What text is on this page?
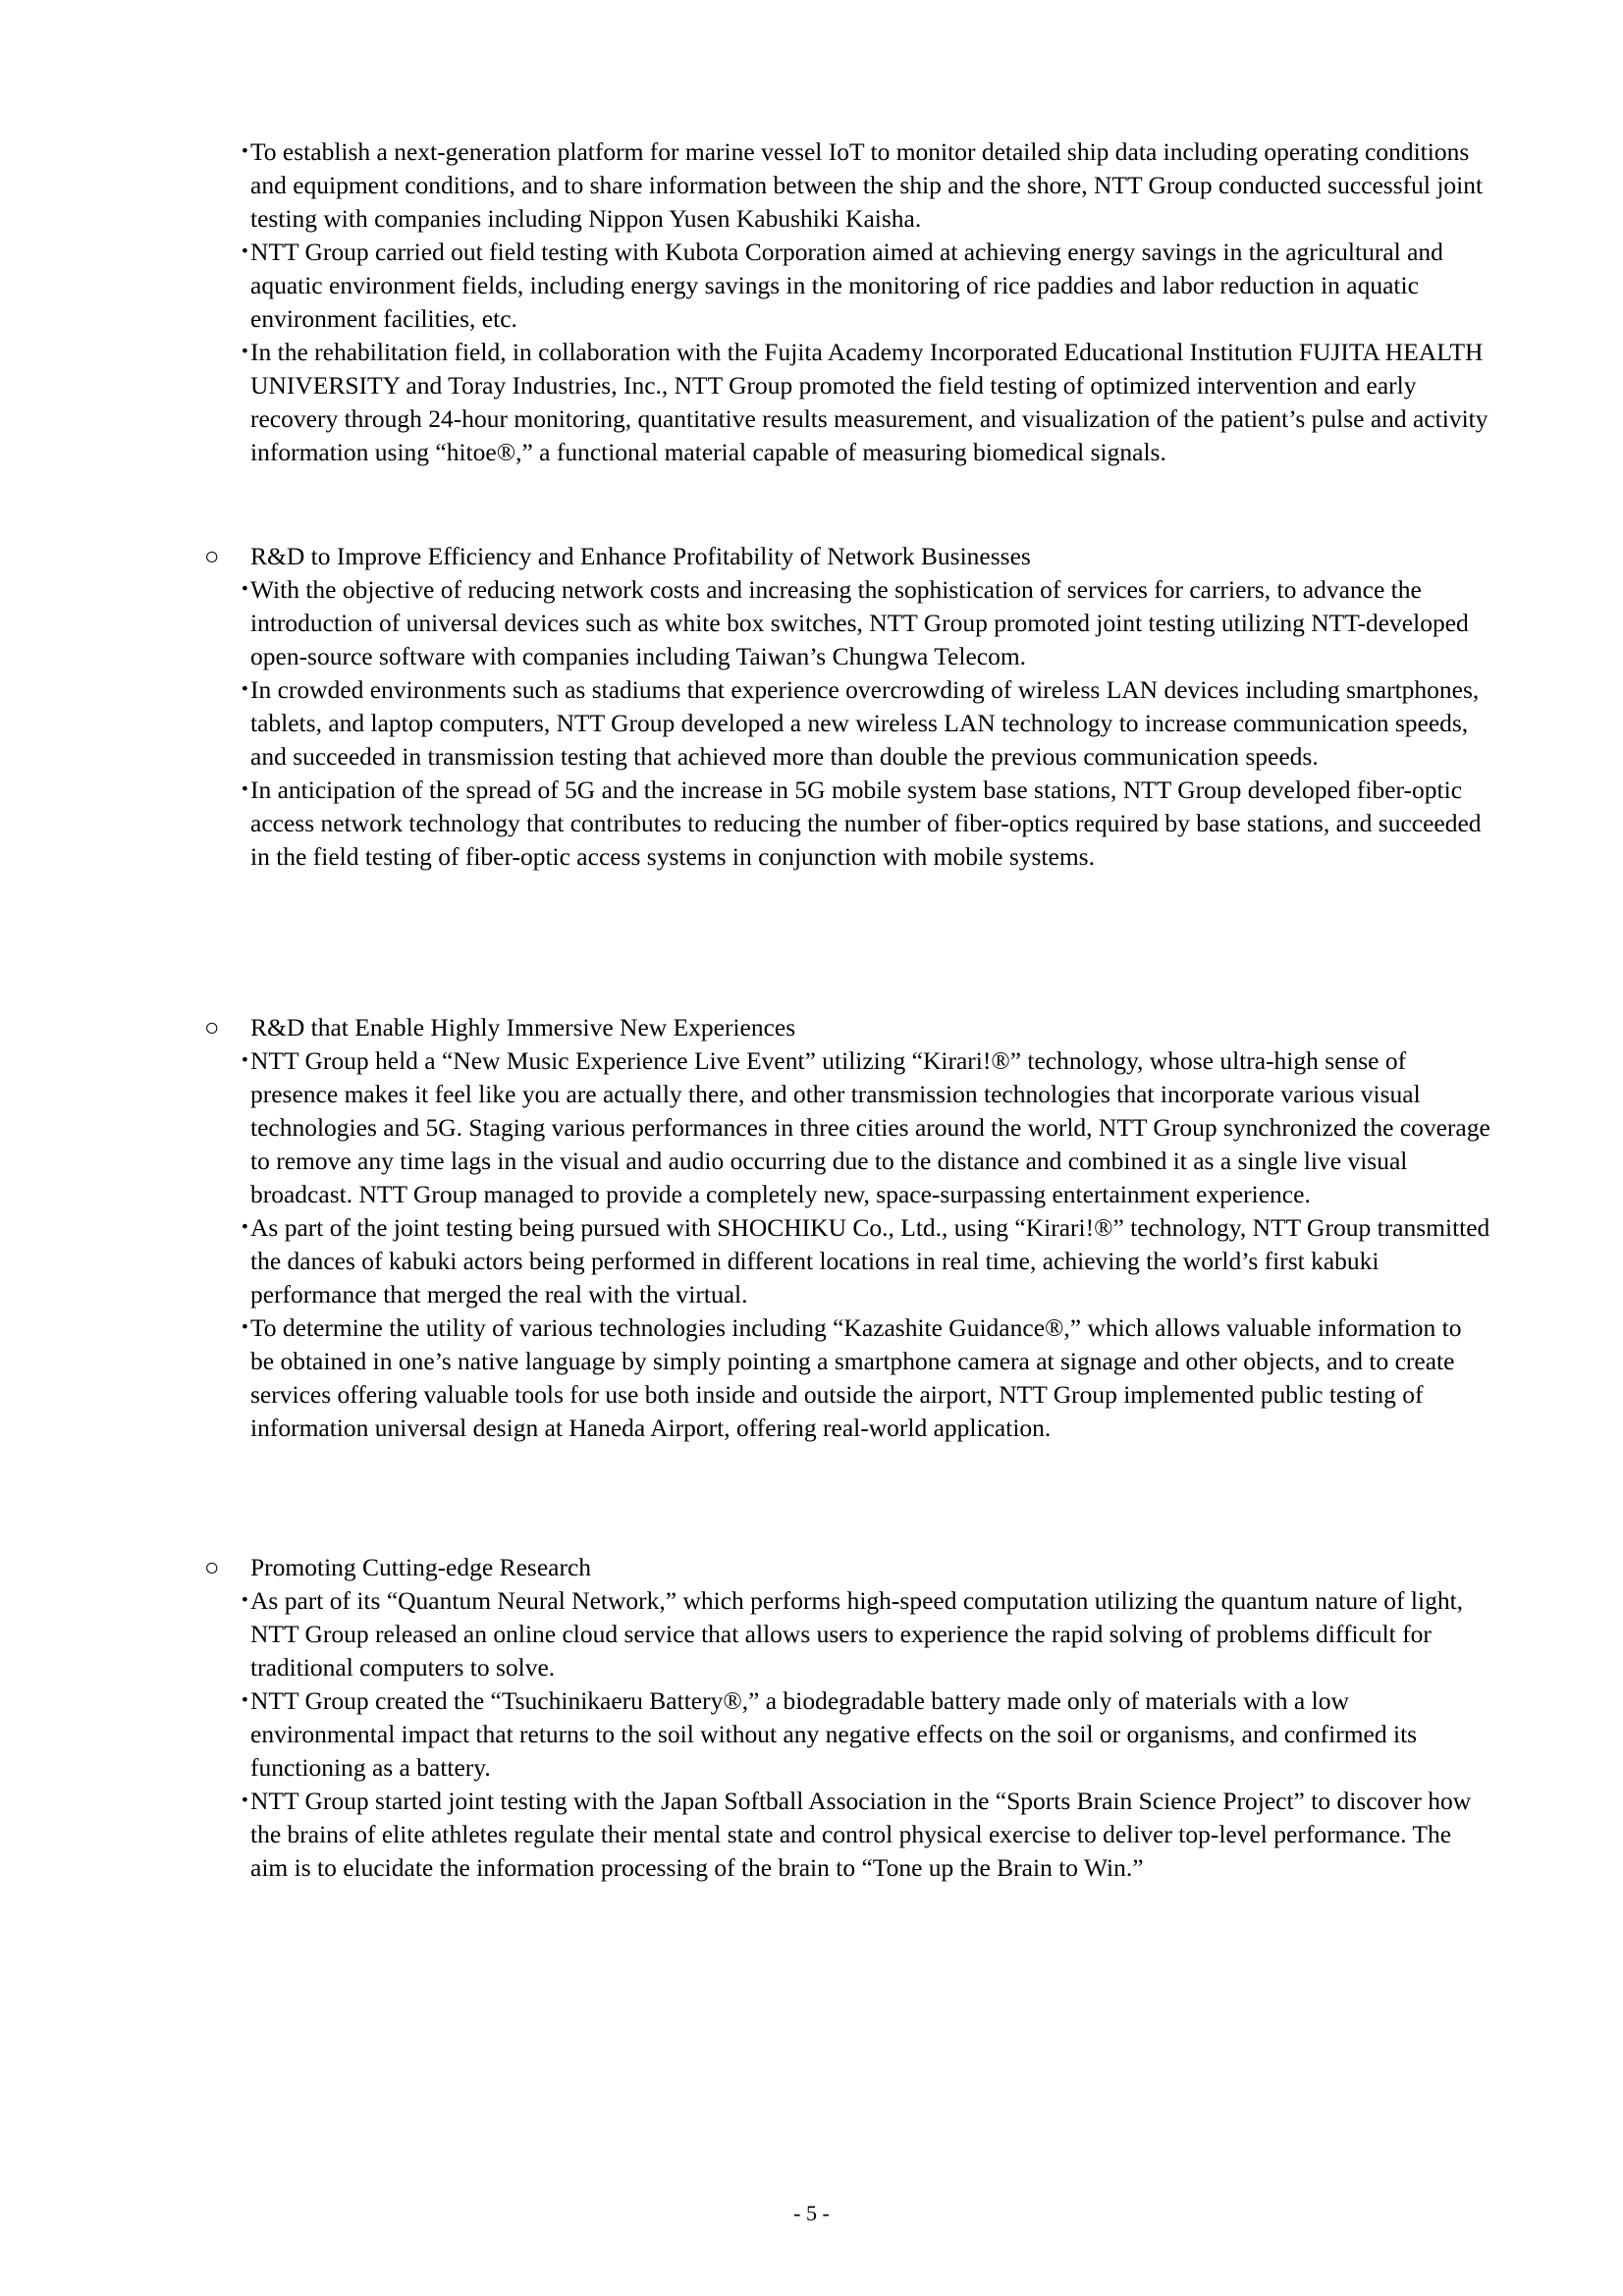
･ To establish a next-generation platform for marine vessel IoT to monitor detailed ship data including operating conditions and equipment conditions, and to share information between the ship and the shore, NTT Group conducted successful joint testing with companies including Nippon Yusen Kabushiki Kaisha.
･ NTT Group carried out field testing with Kubota Corporation aimed at achieving energy savings in the agricultural and aquatic environment fields, including energy savings in the monitoring of rice paddies and labor reduction in aquatic environment facilities, etc.
･ In the rehabilitation field, in collaboration with the Fujita Academy Incorporated Educational Institution FUJITA HEALTH UNIVERSITY and Toray Industries, Inc., NTT Group promoted the field testing of optimized intervention and early recovery through 24-hour monitoring, quantitative results measurement, and visualization of the patient’s pulse and activity information using “hitoe®,” a functional material capable of measuring biomedical signals.
○	R&D to Improve Efficiency and Enhance Profitability of Network Businesses
･ With the objective of reducing network costs and increasing the sophistication of services for carriers, to advance the introduction of universal devices such as white box switches, NTT Group promoted joint testing utilizing NTT-developed open-source software with companies including Taiwan’s Chungwa Telecom.
･ In crowded environments such as stadiums that experience overcrowding of wireless LAN devices including smartphones, tablets, and laptop computers, NTT Group developed a new wireless LAN technology to increase communication speeds, and succeeded in transmission testing that achieved more than double the previous communication speeds.
･ In anticipation of the spread of 5G and the increase in 5G mobile system base stations, NTT Group developed fiber-optic access network technology that contributes to reducing the number of fiber-optics required by base stations, and succeeded in the field testing of fiber-optic access systems in conjunction with mobile systems.
○	R&D that Enable Highly Immersive New Experiences
･ NTT Group held a “New Music Experience Live Event” utilizing “Kirari!®” technology, whose ultra-high sense of presence makes it feel like you are actually there, and other transmission technologies that incorporate various visual technologies and 5G. Staging various performances in three cities around the world, NTT Group synchronized the coverage to remove any time lags in the visual and audio occurring due to the distance and combined it as a single live visual broadcast. NTT Group managed to provide a completely new, space-surpassing entertainment experience.
･ As part of the joint testing being pursued with SHOCHIKU Co., Ltd., using “Kirari!®” technology, NTT Group transmitted the dances of kabuki actors being performed in different locations in real time, achieving the world’s first kabuki performance that merged the real with the virtual.
･ To determine the utility of various technologies including “Kazashite Guidance®,” which allows valuable information to be obtained in one’s native language by simply pointing a smartphone camera at signage and other objects, and to create services offering valuable tools for use both inside and outside the airport, NTT Group implemented public testing of information universal design at Haneda Airport, offering real-world application.
○	Promoting Cutting-edge Research
･ As part of its “Quantum Neural Network,” which performs high-speed computation utilizing the quantum nature of light, NTT Group released an online cloud service that allows users to experience the rapid solving of problems difficult for traditional computers to solve.
･ NTT Group created the “Tsuchinikaeru Battery®,” a biodegradable battery made only of materials with a low environmental impact that returns to the soil without any negative effects on the soil or organisms, and confirmed its functioning as a battery.
･ NTT Group started joint testing with the Japan Softball Association in the “Sports Brain Science Project” to discover how the brains of elite athletes regulate their mental state and control physical exercise to deliver top-level performance. The aim is to elucidate the information processing of the brain to “Tone up the Brain to Win.”
- 5 -
